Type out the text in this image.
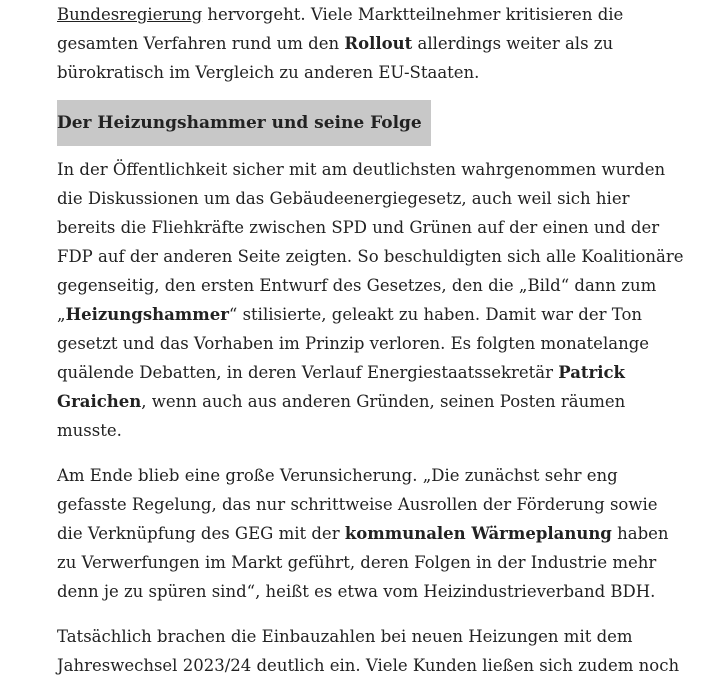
Bundesregierung hervorgeht. Viele Marktteilnehmer kritisieren die gesamten Verfahren rund um den Rollout allerdings weiter als zu bürokratisch im Vergleich zu anderen EU-Staaten.

Der Heizungshammer und seine Folge

In der Öffentlichkeit sicher mit am deutlichsten wahrgenommen wurden die Diskussionen um das Gebäudeenergiegesetz, auch weil sich hier bereits die Fliehkräfte zwischen SPD und Grünen auf der einen und der FDP auf der anderen Seite zeigten. So beschuldigten sich alle Koalitionäre gegenseitig, den ersten Entwurf des Gesetzes, den die „Bild“ dann zum „Heizungshammer“ stilisierte, geleakt zu haben. Damit war der Ton gesetzt und das Vorhaben im Prinzip verloren. Es folgten monatelange quälende Debatten, in deren Verlauf Energiestaatssekretär Patrick Graichen, wenn auch aus anderen Gründen, seinen Posten räumen musste.

Am Ende blieb eine große Verunsicherung. „Die zunächst sehr eng gefasste Regelung, das nur schrittweise Ausrollen der Förderung sowie die Verknüpfung des GEG mit der kommunalen Wärmeplanung haben zu Verwerfungen im Markt geführt, deren Folgen in der Industrie mehr denn je zu spüren sind“, heißt es etwa vom Heizindustrieverband BDH.

Tatsächlich brachen die Einbauzahlen bei neuen Heizungen mit dem Jahreswechsel 2023/24 deutlich ein. Viele Kunden ließen sich zudem noch
